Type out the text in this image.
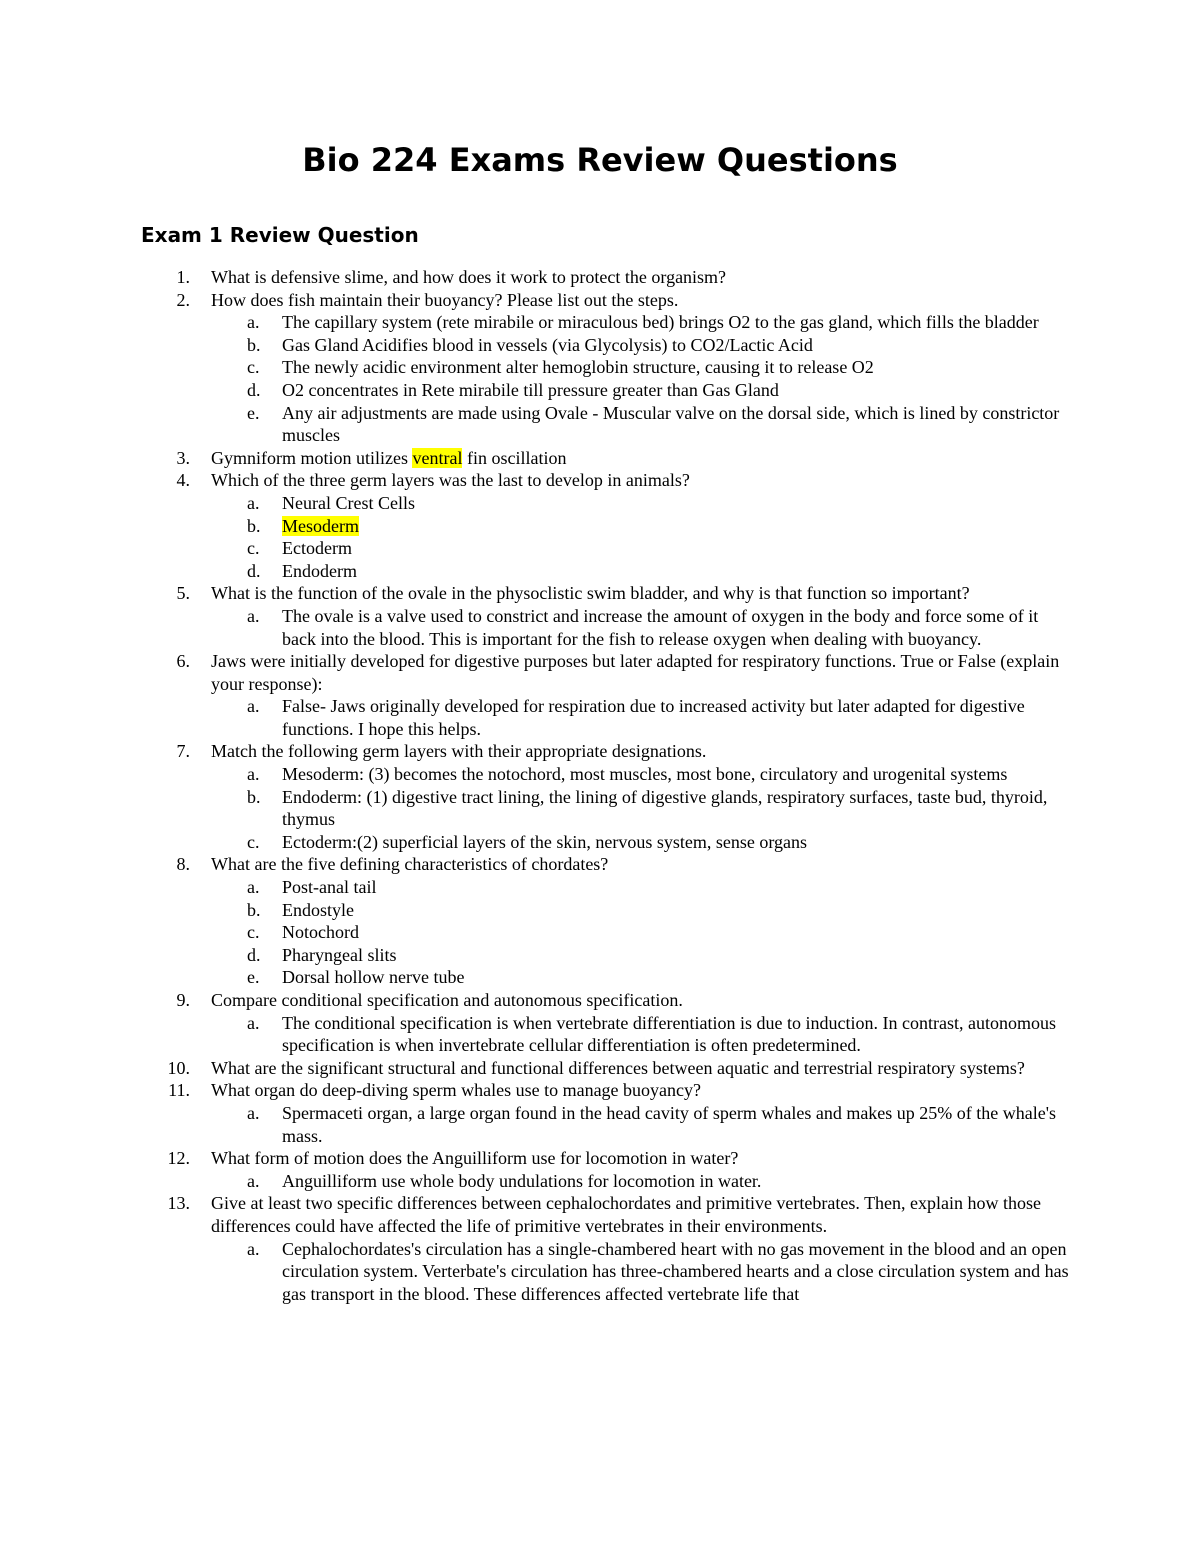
Bio 224 Exams Review Questions
Exam 1 Review Question
1. What is defensive slime, and how does it work to protect the organism?
2. How does fish maintain their buoyancy? Please list out the steps.
a. The capillary system (rete mirabile or miraculous bed) brings O2 to the gas gland, which fills the bladder
b. Gas Gland Acidifies blood in vessels (via Glycolysis) to CO2/Lactic Acid
c. The newly acidic environment alter hemoglobin structure, causing it to release O2
d. O2 concentrates in Rete mirabile till pressure greater than Gas Gland
e. Any air adjustments are made using Ovale - Muscular valve on the dorsal side, which is lined by constrictor muscles
3. Gymniform motion utilizes ventral fin oscillation
4. Which of the three germ layers was the last to develop in animals?
a. Neural Crest Cells
b. Mesoderm
c. Ectoderm
d. Endoderm
5. What is the function of the ovale in the physoclistic swim bladder, and why is that function so important?
a. The ovale is a valve used to constrict and increase the amount of oxygen in the body and force some of it back into the blood. This is important for the fish to release oxygen when dealing with buoyancy.
6. Jaws were initially developed for digestive purposes but later adapted for respiratory functions. True or False (explain your response):
a. False- Jaws originally developed for respiration due to increased activity but later adapted for digestive functions. I hope this helps.
7. Match the following germ layers with their appropriate designations.
a. Mesoderm: (3) becomes the notochord, most muscles, most bone, circulatory and urogenital systems
b. Endoderm: (1) digestive tract lining, the lining of digestive glands, respiratory surfaces, taste bud, thyroid, thymus
c. Ectoderm:(2) superficial layers of the skin, nervous system, sense organs
8. What are the five defining characteristics of chordates?
a. Post-anal tail
b. Endostyle
c. Notochord
d. Pharyngeal slits
e. Dorsal hollow nerve tube
9. Compare conditional specification and autonomous specification.
a. The conditional specification is when vertebrate differentiation is due to induction. In contrast, autonomous specification is when invertebrate cellular differentiation is often predetermined.
10. What are the significant structural and functional differences between aquatic and terrestrial respiratory systems?
11. What organ do deep-diving sperm whales use to manage buoyancy?
a. Spermaceti organ, a large organ found in the head cavity of sperm whales and makes up 25% of the whale's mass.
12. What form of motion does the Anguilliform use for locomotion in water?
a. Anguilliform use whole body undulations for locomotion in water.
13. Give at least two specific differences between cephalochordates and primitive vertebrates. Then, explain how those differences could have affected the life of primitive vertebrates in their environments.
a. Cephalochordates's circulation has a single-chambered heart with no gas movement in the blood and an open circulation system. Verterbate's circulation has three-chambered hearts and a close circulation system and has gas transport in the blood. These differences affected vertebrate life that
